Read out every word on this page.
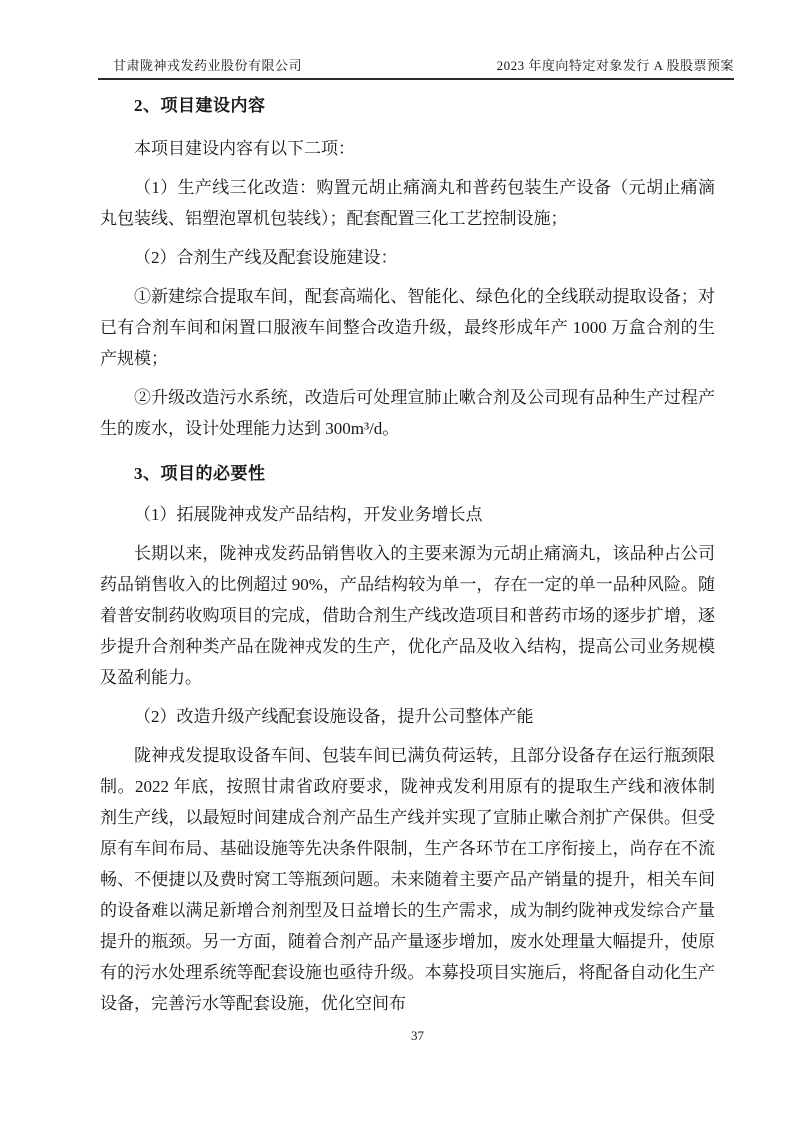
甘肃陇神戎发药业股份有限公司	2023 年度向特定对象发行 A 股股票预案
2、项目建设内容

本项目建设内容有以下二项：

（1）生产线三化改造：购置元胡止痛滴丸和普药包装生产设备（元胡止痛滴丸包装线、铝塑泡罩机包装线）；配套配置三化工艺控制设施；

（2）合剂生产线及配套设施建设：

①新建综合提取车间，配套高端化、智能化、绿色化的全线联动提取设备；对已有合剂车间和闲置口服液车间整合改造升级，最终形成年产 1000 万盒合剂的生产规模；

②升级改造污水系统，改造后可处理宣肺止嗽合剂及公司现有品种生产过程产生的废水，设计处理能力达到 300m³/d。

3、项目的必要性

（1）拓展陇神戎发产品结构，开发业务增长点

长期以来，陇神戎发药品销售收入的主要来源为元胡止痛滴丸，该品种占公司药品销售收入的比例超过 90%，产品结构较为单一，存在一定的单一品种风险。随着普安制药收购项目的完成，借助合剂生产线改造项目和普药市场的逐步扩增，逐步提升合剂种类产品在陇神戎发的生产，优化产品及收入结构，提高公司业务规模及盈利能力。

（2）改造升级产线配套设施设备，提升公司整体产能

陇神戎发提取设备车间、包装车间已满负荷运转，且部分设备存在运行瓶颈限制。2022 年底，按照甘肃省政府要求，陇神戎发利用原有的提取生产线和液体制剂生产线，以最短时间建成合剂产品生产线并实现了宣肺止嗽合剂扩产保供。但受原有车间布局、基础设施等先决条件限制，生产各环节在工序衔接上，尚存在不流畅、不便捷以及费时窝工等瓶颈问题。未来随着主要产品产销量的提升，相关车间的设备难以满足新增合剂剂型及日益增长的生产需求，成为制约陇神戎发综合产量提升的瓶颈。另一方面，随着合剂产品产量逐步增加，废水处理量大幅提升，使原有的污水处理系统等配套设施也亟待升级。本募投项目实施后，将配备自动化生产设备，完善污水等配套设施，优化空间布

37
